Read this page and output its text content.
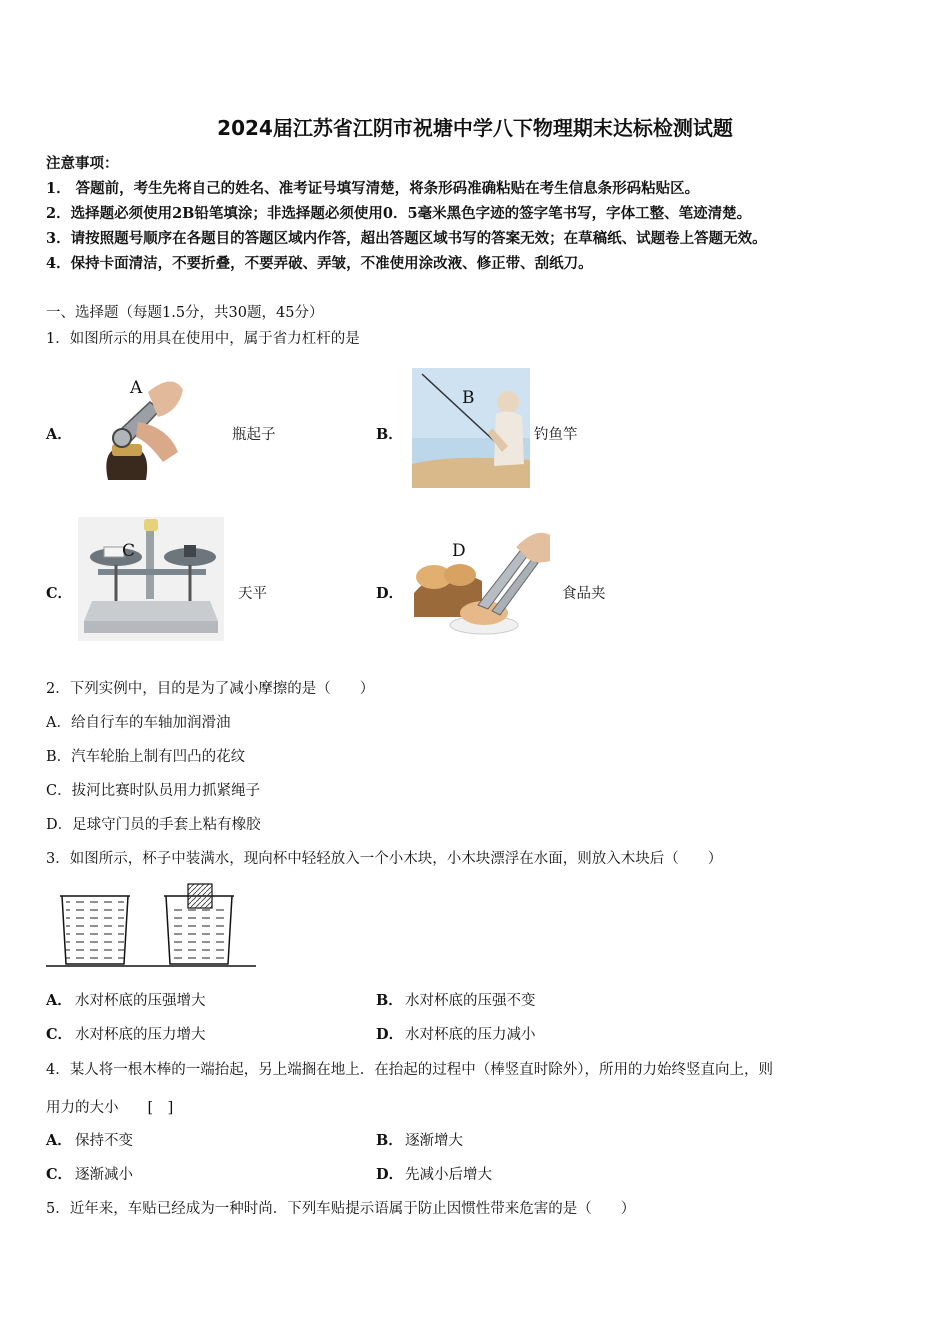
2024届江苏省江阴市祝塘中学八下物理期末达标检测试题
注意事项：
1． 答题前，考生先将自己的姓名、准考证号填写清楚，将条形码准确粘贴在考生信息条形码粘贴区。
2．选择题必须使用2B铅笔填涂；非选择题必须使用0．5毫米黑色字迹的签字笔书写，字体工整、笔迹清楚。
3．请按照题号顺序在各题目的答题区域内作答，超出答题区域书写的答案无效；在草稿纸、试题卷上答题无效。
4．保持卡面清洁，不要折叠，不要弄破、弄皱，不准使用涂改液、修正带、刮纸刀。
一、选择题（每题1.5分，共30题，45分）
1．如图所示的用具在使用中，属于省力杠杆的是
A．
A
瓶起子	B．
B
钓鱼竿
C．
C
天平	D．
D
食品夹
2．下列实例中，目的是为了减小摩擦的是（　　）
A．给自行车的车轴加润滑油
B．汽车轮胎上制有凹凸的花纹
C．拔河比赛时队员用力抓紧绳子
D．足球守门员的手套上粘有橡胶
3．如图所示，杯子中装满水，现向杯中轻轻放入一个小木块，小木块漂浮在水面，则放入木块后（　　）
A． 水对杯底的压强增大	B． 水对杯底的压强不变
C． 水对杯底的压力增大	D． 水对杯底的压力减小
4．某人将一根木棒的一端抬起，另上端搁在地上．在抬起的过程中（棒竖直时除外），所用的力始终竖直向上，则
用力的大小　　[　]
A． 保持不变	B． 逐渐增大
C． 逐渐减小	D． 先减小后增大
5．近年来，车贴已经成为一种时尚．下列车贴提示语属于防止因惯性带来危害的是（　　）
